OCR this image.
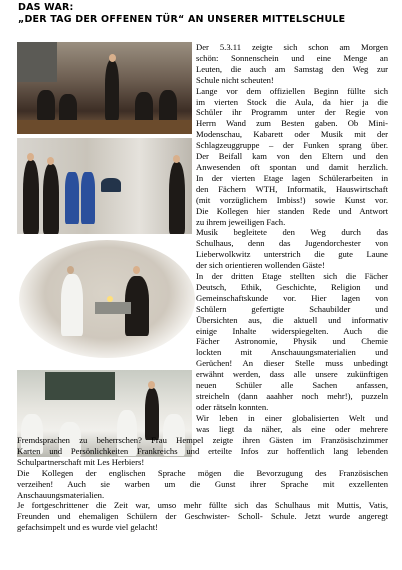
DAS WAR:
„DER TAG DER OFFENEN TÜR“ AN UNSERER MITTELSCHULE

Der 5.3.11 zeigte sich schon am Morgen

schön: Sonnenschein und eine Menge an

Leuten, die auch am Samstag den Weg zur

Schule nicht scheuten!

Lange vor dem offiziellen Beginn füllte sich

im vierten Stock die Aula, da hier ja die

Schüler ihr Programm unter der Regie von

Herrn Wand zum Besten gaben. Ob Mini-

Modenschau, Kabarett oder Musik mit der

Schlagzeuggruppe – der Funken sprang über.

Der Beifall kam von den Eltern und den

Anwesenden oft spontan und damit herzlich.

In der vierten Etage lagen Schülerarbeiten in

den Fächern WTH, Informatik, Hauswirtschaft

(mit vorzüglichem Imbiss!) sowie Kunst vor.

Die Kollegen hier standen Rede und Antwort

zu ihrem jeweiligen Fach.

Musik begleitete den Weg durch das

Schulhaus, denn das Jugendorchester von

Lieberwolkwitz unterstrich die gute Laune

der sich orientieren wollenden Gäste!

In der dritten Etage stellten sich die Fächer

Deutsch, Ethik, Geschichte, Religion und

Gemeinschaftskunde vor. Hier lagen von

Schülern gefertigte Schaubilder und

Übersichten aus, die aktuell und informativ

einige Inhalte widerspiegelten. Auch die

Fächer Astronomie, Physik und Chemie

lockten mit Anschauungsmaterialien und

Gerüchen! An dieser Stelle muss unbedingt

erwähnt werden, dass alle unsere zukünftigen

neuen Schüler alle Sachen anfassen,

streicheln (dann aaahher noch mehr!), puzzeln

oder rätseln konnten.

Wir leben in einer globalisierten Welt und

was liegt da näher, als eine oder mehrere

Fremdsprachen zu beherrschen? Frau Hempel zeigte ihren Gästen im Französischzimmer

Karten und Persönlichkeiten Frankreichs und erteilte Infos zur hoffentlich lang lebenden

Schulpartnerschaft mit Les Herbiers!

Die Kollegen der englischen Sprache mögen die Bevorzugung des Französischen

verzeihen! Auch sie warben um die Gunst ihrer Sprache mit exzellenten

Anschauungsmaterialien.

Je fortgeschrittener die Zeit war, umso mehr füllte sich das Schulhaus mit Muttis, Vatis,

Freunden und ehemaligen Schülern der Geschwister- Scholl- Schule. Jetzt wurde angeregt

gefachsimpelt und es wurde viel gelacht!
